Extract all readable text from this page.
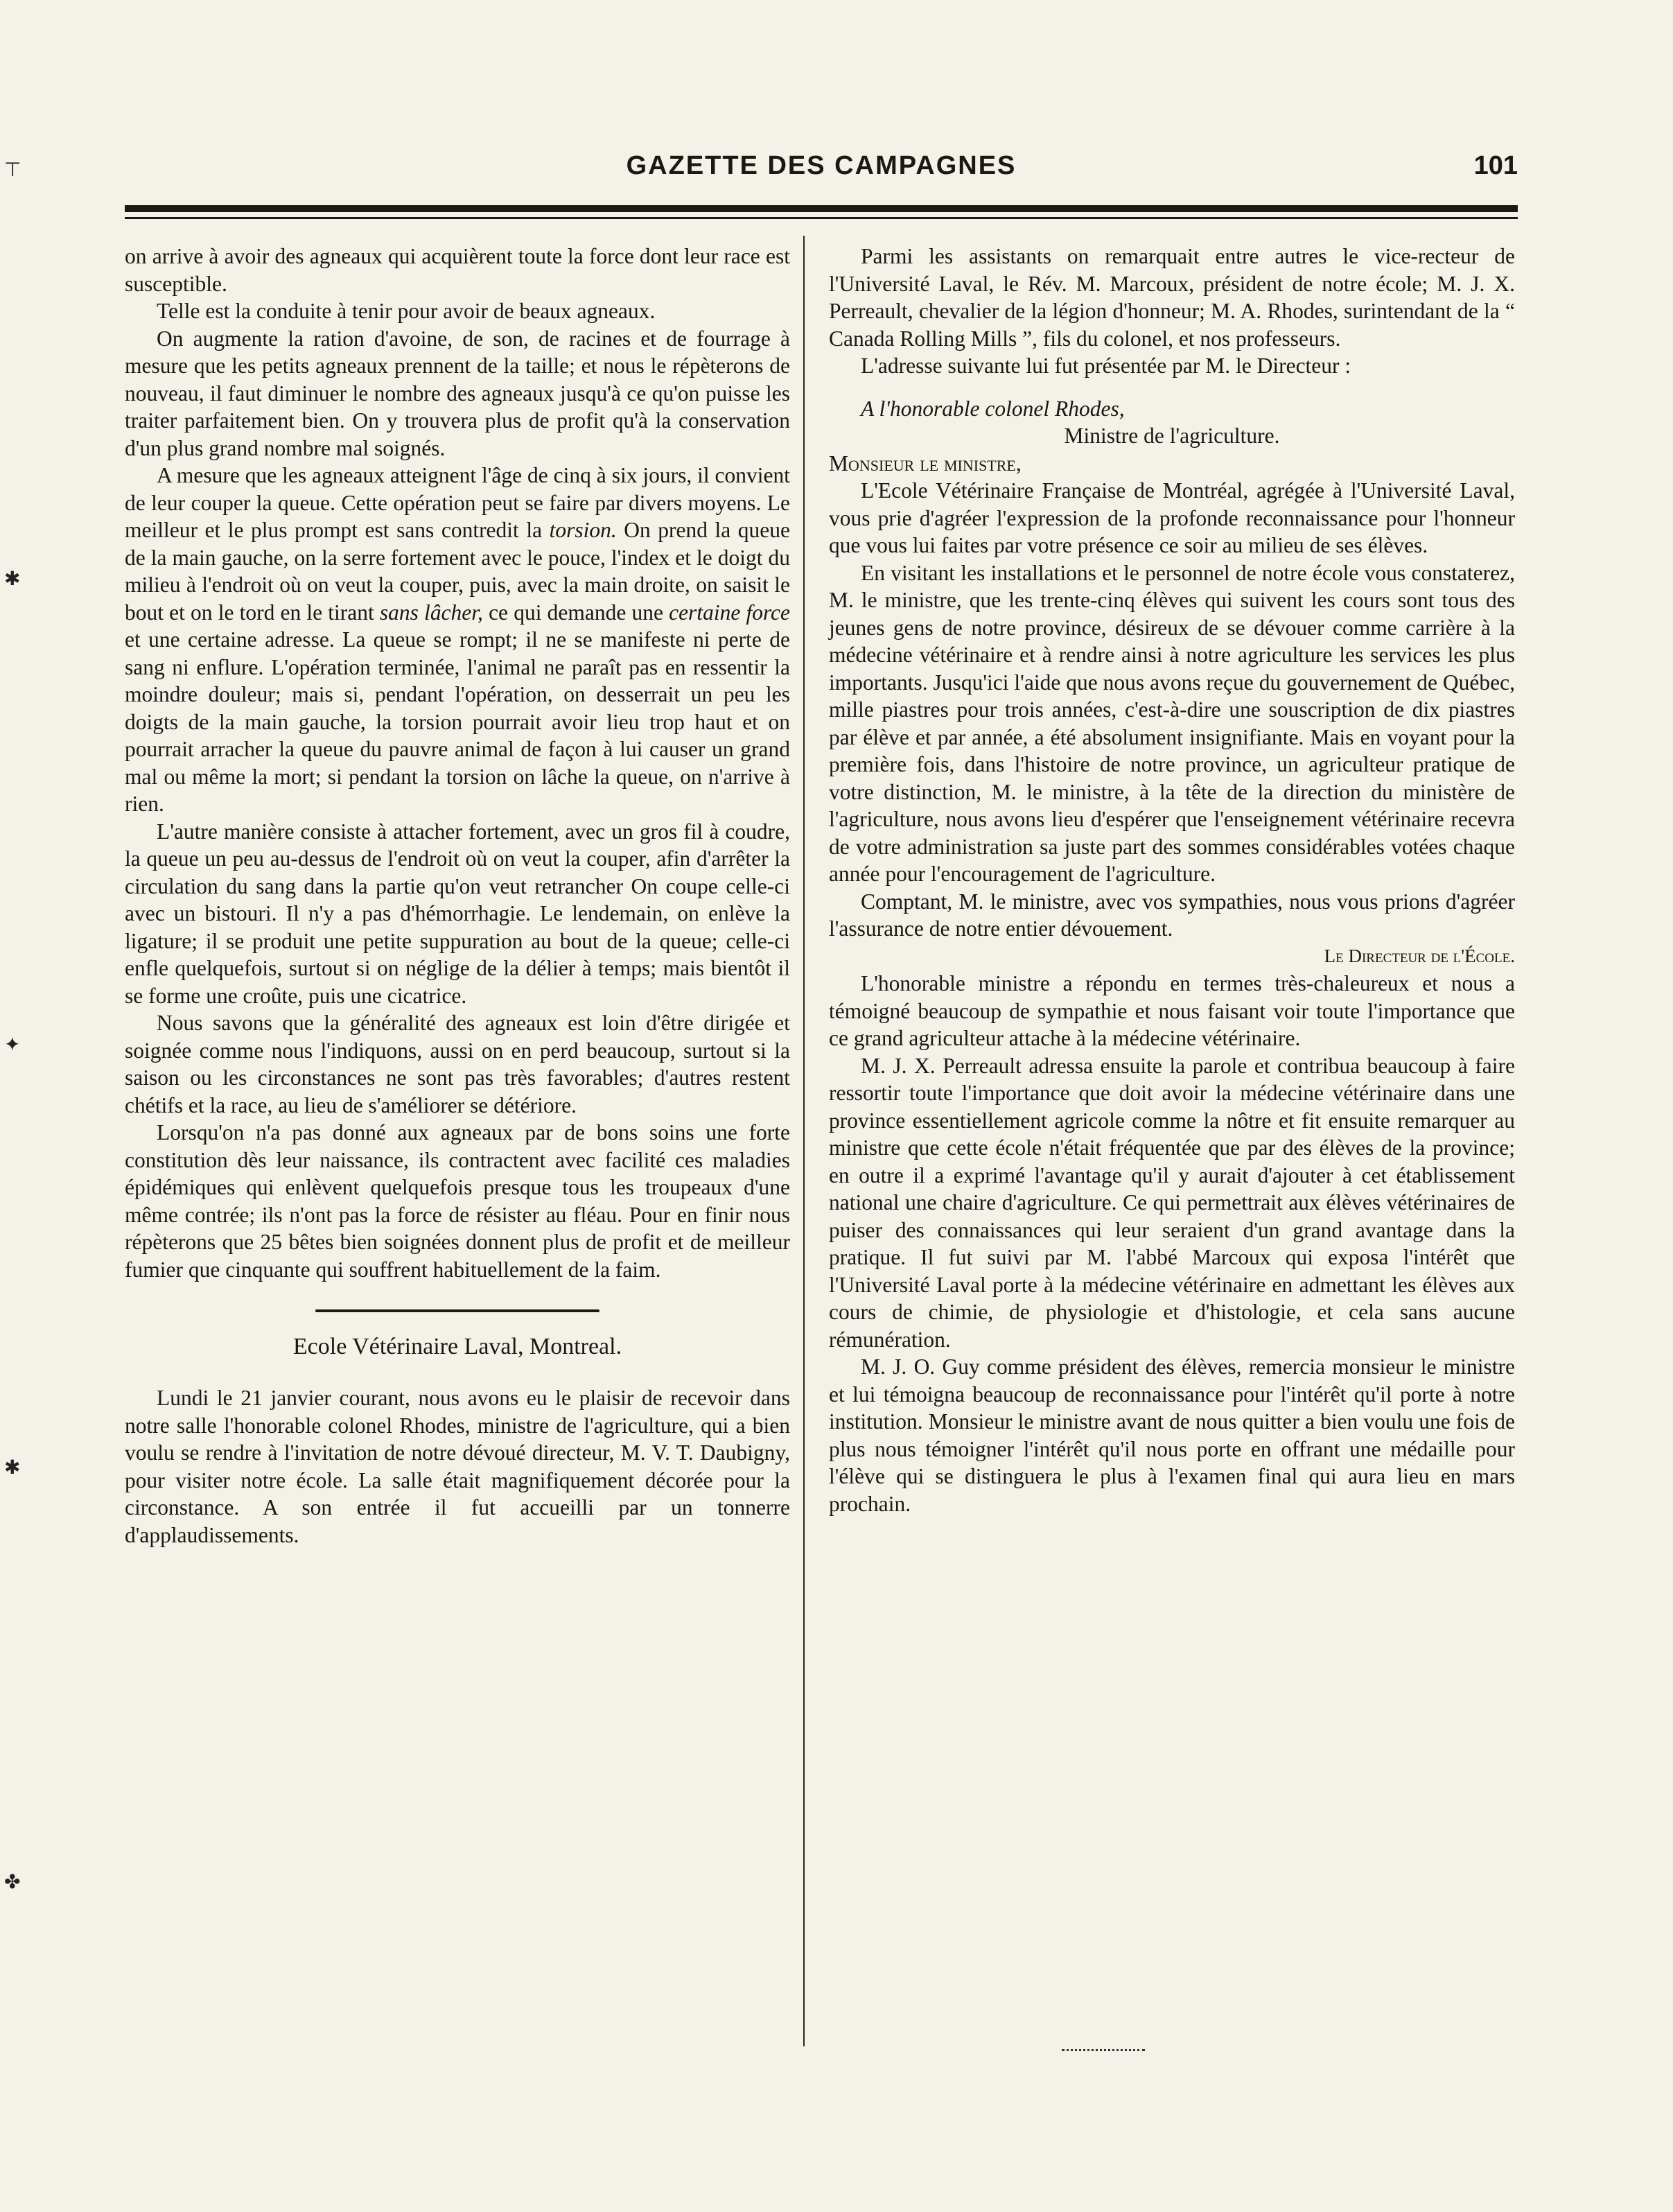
⊤
✱
✦
✱
✤
GAZETTE DES CAMPAGNES	101

on arrive à avoir des agneaux qui acquièrent toute la force dont leur race est susceptible.

Telle est la conduite à tenir pour avoir de beaux agneaux.

On augmente la ration d'avoine, de son, de racines et de fourrage à mesure que les petits agneaux prennent de la taille; et nous le répèterons de nouveau, il faut diminuer le nombre des agneaux jusqu'à ce qu'on puisse les traiter parfaitement bien. On y trouvera plus de profit qu'à la conservation d'un plus grand nombre mal soignés.

A mesure que les agneaux atteignent l'âge de cinq à six jours, il convient de leur couper la queue. Cette opération peut se faire par divers moyens. Le meilleur et le plus prompt est sans contredit la torsion. On prend la queue de la main gauche, on la serre fortement avec le pouce, l'index et le doigt du milieu à l'endroit où on veut la couper, puis, avec la main droite, on saisit le bout et on le tord en le tirant sans lâcher, ce qui demande une certaine force et une certaine adresse. La queue se rompt; il ne se manifeste ni perte de sang ni enflure. L'opération terminée, l'animal ne paraît pas en ressentir la moindre douleur; mais si, pendant l'opération, on desserrait un peu les doigts de la main gauche, la torsion pourrait avoir lieu trop haut et on pourrait arracher la queue du pauvre animal de façon à lui causer un grand mal ou même la mort; si pendant la torsion on lâche la queue, on n'arrive à rien.

L'autre manière consiste à attacher fortement, avec un gros fil à coudre, la queue un peu au-dessus de l'endroit où on veut la couper, afin d'arrêter la circulation du sang dans la partie qu'on veut retrancher On coupe celle-ci avec un bistouri. Il n'y a pas d'hémorrhagie. Le lendemain, on enlève la ligature; il se produit une petite suppuration au bout de la queue; celle-ci enfle quelquefois, surtout si on néglige de la délier à temps; mais bientôt il se forme une croûte, puis une cicatrice.

Nous savons que la généralité des agneaux est loin d'être dirigée et soignée comme nous l'indiquons, aussi on en perd beaucoup, surtout si la saison ou les circonstances ne sont pas très favorables; d'autres restent chétifs et la race, au lieu de s'améliorer se détériore.

Lorsqu'on n'a pas donné aux agneaux par de bons soins une forte constitution dès leur naissance, ils contractent avec facilité ces maladies épidémiques qui enlèvent quelquefois presque tous les troupeaux d'une même contrée; ils n'ont pas la force de résister au fléau. Pour en finir nous répèterons que 25 bêtes bien soignées donnent plus de profit et de meilleur fumier que cinquante qui souffrent habituellement de la faim.

Ecole Vétérinaire Laval, Montreal.

Lundi le 21 janvier courant, nous avons eu le plaisir de recevoir dans notre salle l'honorable colonel Rhodes, ministre de l'agriculture, qui a bien voulu se rendre à l'invitation de notre dévoué directeur, M. V. T. Daubigny, pour visiter notre école. La salle était magnifiquement décorée pour la circonstance. A son entrée il fut accueilli par un tonnerre d'applaudissements.

Parmi les assistants on remarquait entre autres le vice-recteur de l'Université Laval, le Rév. M. Marcoux, président de notre école; M. J. X. Perreault, chevalier de la légion d'honneur; M. A. Rhodes, surintendant de la “ Canada Rolling Mills ”, fils du colonel, et nos professeurs.

L'adresse suivante lui fut présentée par M. le Directeur :

A l'honorable colonel Rhodes,

Ministre de l'agriculture.

Monsieur le ministre,

L'Ecole Vétérinaire Française de Montréal, agrégée à l'Université Laval, vous prie d'agréer l'expression de la profonde reconnaissance pour l'honneur que vous lui faites par votre présence ce soir au milieu de ses élèves.

En visitant les installations et le personnel de notre école vous constaterez, M. le ministre, que les trente-cinq élèves qui suivent les cours sont tous des jeunes gens de notre province, désireux de se dévouer comme carrière à la médecine vétérinaire et à rendre ainsi à notre agriculture les services les plus importants. Jusqu'ici l'aide que nous avons reçue du gouvernement de Québec, mille piastres pour trois années, c'est-à-dire une souscription de dix piastres par élève et par année, a été absolument insignifiante. Mais en voyant pour la première fois, dans l'histoire de notre province, un agriculteur pratique de votre distinction, M. le ministre, à la tête de la direction du ministère de l'agriculture, nous avons lieu d'espérer que l'enseignement vétérinaire recevra de votre administration sa juste part des sommes considérables votées chaque année pour l'encouragement de l'agriculture.

Comptant, M. le ministre, avec vos sympathies, nous vous prions d'agréer l'assurance de notre entier dévouement.

Le Directeur de l'École.

L'honorable ministre a répondu en termes très-chaleureux et nous a témoigné beaucoup de sympathie et nous faisant voir toute l'importance que ce grand agriculteur attache à la médecine vétérinaire.

M. J. X. Perreault adressa ensuite la parole et contribua beaucoup à faire ressortir toute l'importance que doit avoir la médecine vétérinaire dans une province essentiellement agricole comme la nôtre et fit ensuite remarquer au ministre que cette école n'était fréquentée que par des élèves de la province; en outre il a exprimé l'avantage qu'il y aurait d'ajouter à cet établissement national une chaire d'agriculture. Ce qui permettrait aux élèves vétérinaires de puiser des connaissances qui leur seraient d'un grand avantage dans la pratique. Il fut suivi par M. l'abbé Marcoux qui exposa l'intérêt que l'Université Laval porte à la médecine vétérinaire en admettant les élèves aux cours de chimie, de physiologie et d'histologie, et cela sans aucune rémunération.

M. J. O. Guy comme président des élèves, remercia monsieur le ministre et lui témoigna beaucoup de reconnaissance pour l'intérêt qu'il porte à notre institution. Monsieur le ministre avant de nous quitter a bien voulu une fois de plus nous témoigner l'intérêt qu'il nous porte en offrant une médaille pour l'élève qui se distinguera le plus à l'examen final qui aura lieu en mars prochain.
